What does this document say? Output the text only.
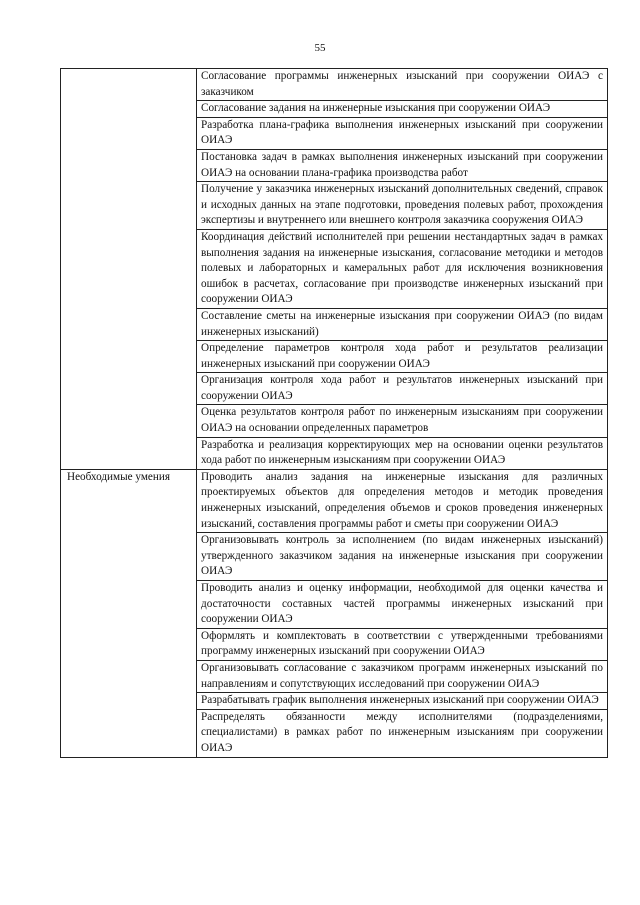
55
	Согласование программы инженерных изысканий при сооружении ОИАЭ с заказчиком
	Согласование задания на инженерные изыскания при сооружении ОИАЭ
	Разработка плана-графика выполнения инженерных изысканий при сооружении ОИАЭ
	Постановка задач в рамках выполнения инженерных изысканий при сооружении ОИАЭ на основании плана-графика производства работ
	Получение у заказчика инженерных изысканий дополнительных сведений, справок и исходных данных на этапе подготовки, проведения полевых работ, прохождения экспертизы и внутреннего или внешнего контроля заказчика сооружения ОИАЭ
	Координация действий исполнителей при решении нестандартных задач в рамках выполнения задания на инженерные изыскания, согласование методики и методов полевых и лабораторных и камеральных работ для исключения возникновения ошибок в расчетах, согласование при производстве инженерных изысканий при сооружении ОИАЭ
	Составление сметы на инженерные изыскания при сооружении ОИАЭ (по видам инженерных изысканий)
	Определение параметров контроля хода работ и результатов реализации инженерных изысканий при сооружении ОИАЭ
	Организация контроля хода работ и результатов инженерных изысканий при сооружении ОИАЭ
	Оценка результатов контроля работ по инженерным изысканиям при сооружении ОИАЭ на основании определенных параметров
	Разработка и реализация корректирующих мер на основании оценки результатов хода работ по инженерным изысканиям при сооружении ОИАЭ
Необходимые умения	Проводить анализ задания на инженерные изыскания для различных проектируемых объектов для определения методов и методик проведения инженерных изысканий, определения объемов и сроков проведения инженерных изысканий, составления программы работ и сметы при сооружении ОИАЭ
	Организовывать контроль за исполнением (по видам инженерных изысканий) утвержденного заказчиком задания на инженерные изыскания при сооружении ОИАЭ
	Проводить анализ и оценку информации, необходимой для оценки качества и достаточности составных частей программы инженерных изысканий при сооружении ОИАЭ
	Оформлять и комплектовать в соответствии с утвержденными требованиями программу инженерных изысканий при сооружении ОИАЭ
	Организовывать согласование с заказчиком программ инженерных изысканий по направлениям и сопутствующих исследований при сооружении ОИАЭ
	Разрабатывать график выполнения инженерных изысканий при сооружении ОИАЭ
	Распределять обязанности между исполнителями (подразделениями, специалистами) в рамках работ по инженерным изысканиям при сооружении ОИАЭ
